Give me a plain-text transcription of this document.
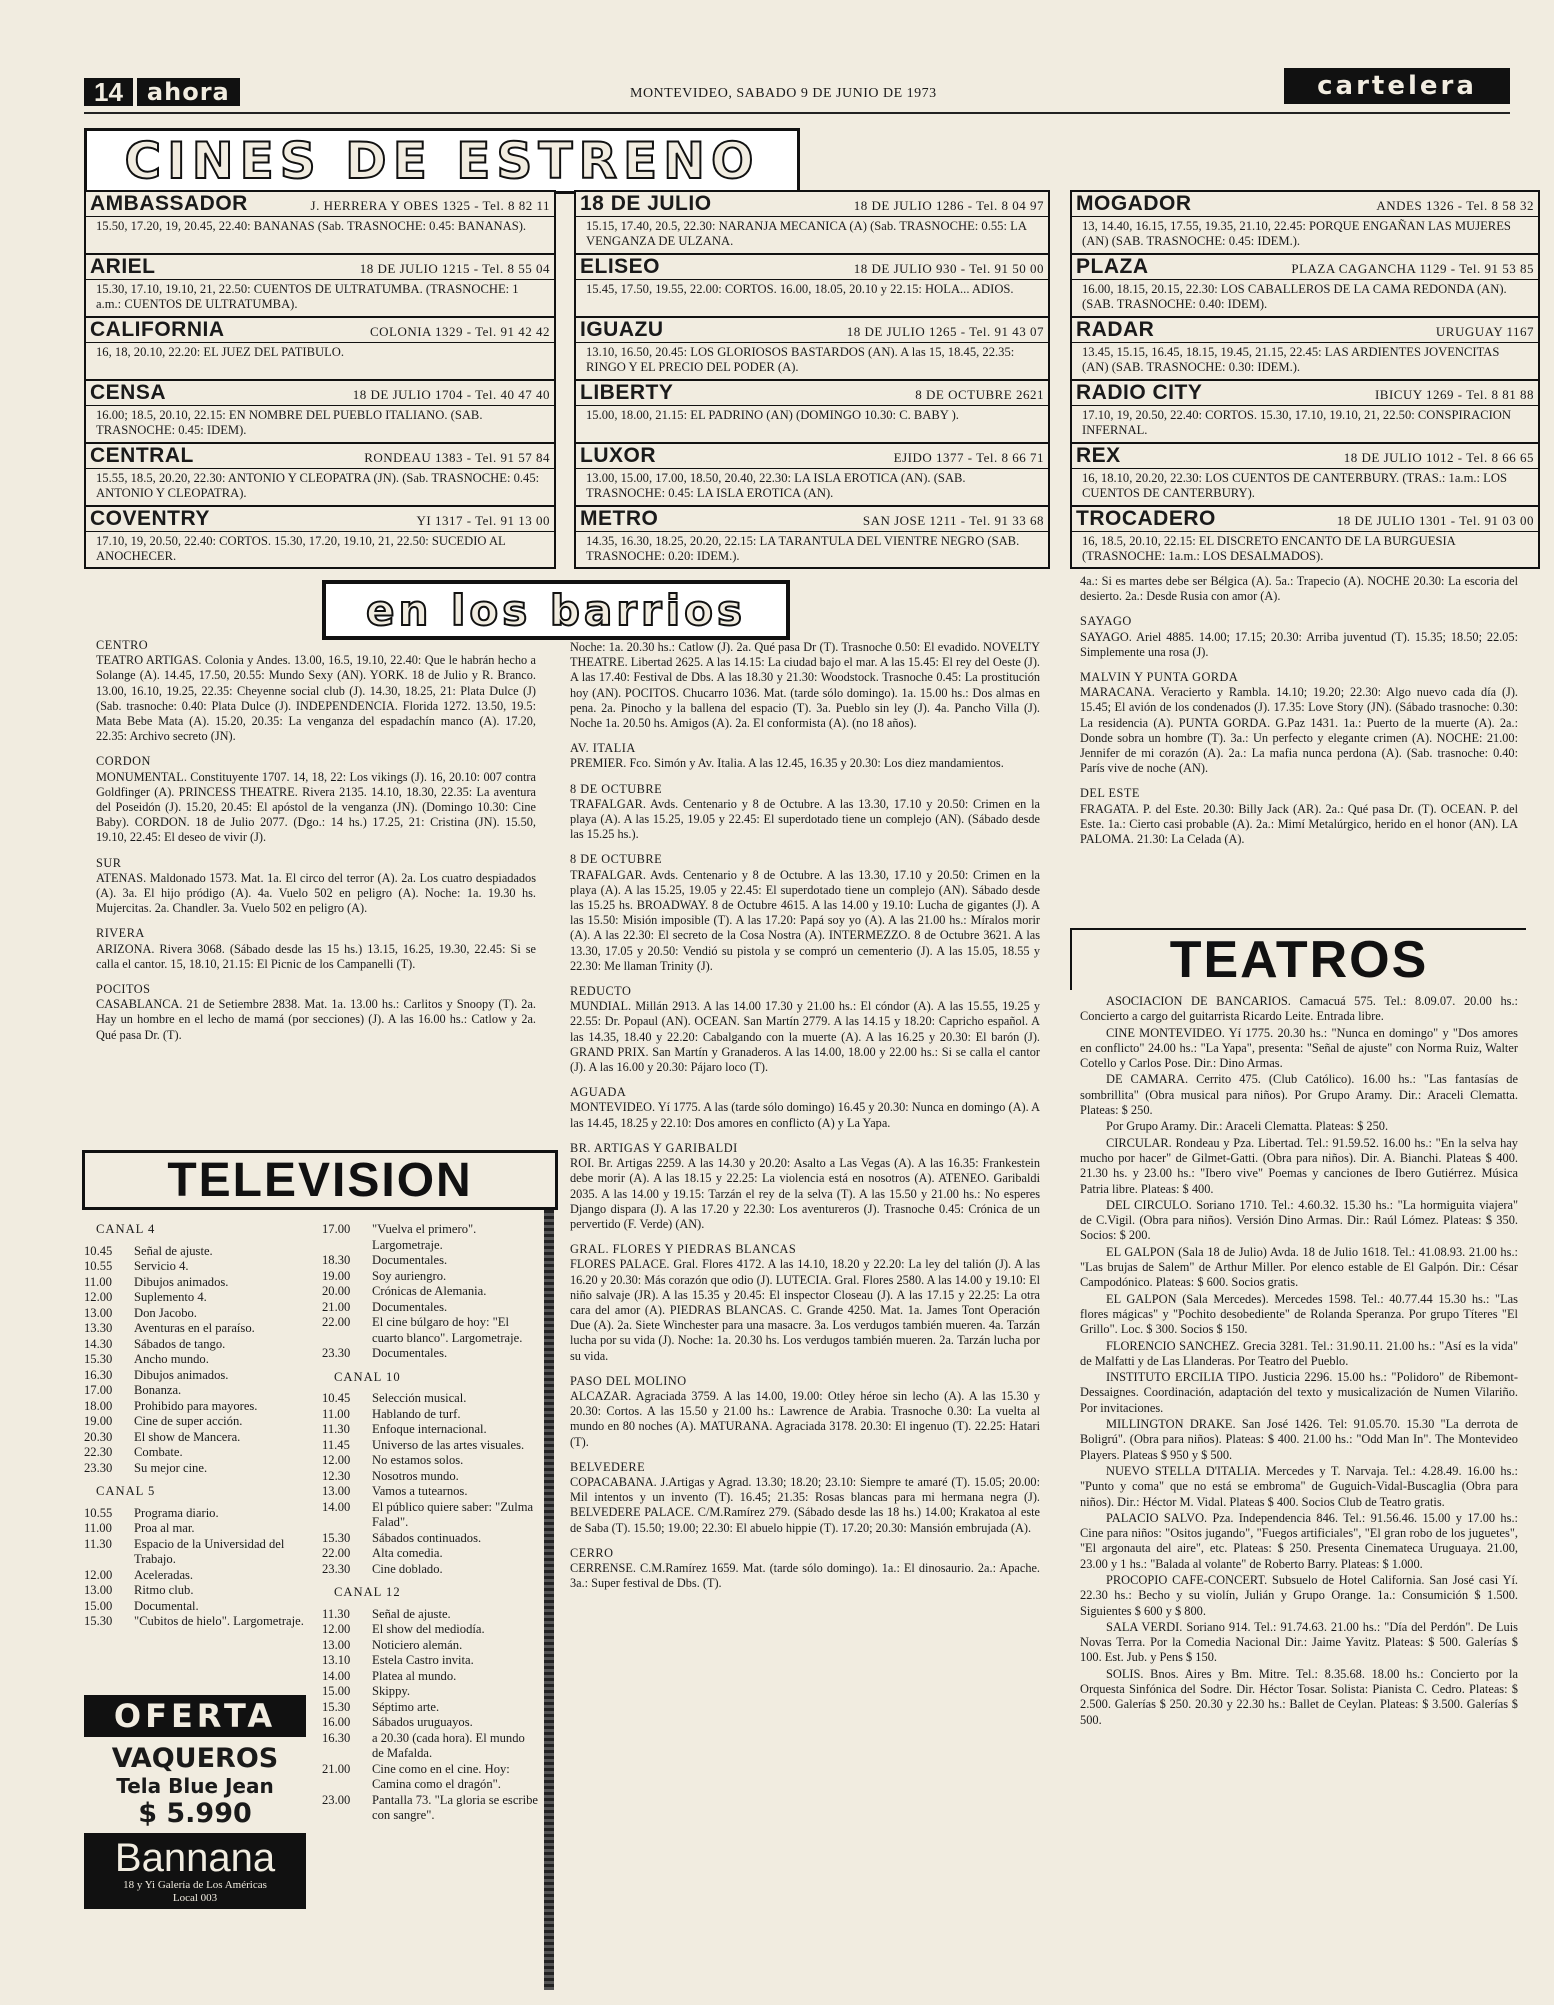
14	ahora	MONTEVIDEO, SABADO 9 DE JUNIO DE 1973	cartelera
CINES DE ESTRENO
AMBASSADOR	J. HERRERA Y OBES 1325 - Tel. 8 82 11
15.50, 17.20, 19, 20.45, 22.40: BANANAS (Sab. TRASNOCHE: 0.45: BANANAS).
ARIEL	18 DE JULIO 1215 - Tel. 8 55 04
15.30, 17.10, 19.10, 21, 22.50: CUENTOS DE ULTRATUMBA. (TRASNOCHE: 1 a.m.: CUENTOS DE ULTRATUMBA).
CALIFORNIA	COLONIA 1329 - Tel. 91 42 42
16, 18, 20.10, 22.20: EL JUEZ DEL PATIBULO.
CENSA	18 DE JULIO 1704 - Tel. 40 47 40
16.00; 18.5, 20.10, 22.15: EN NOMBRE DEL PUEBLO ITALIANO. (SAB. TRASNOCHE: 0.45: IDEM).
CENTRAL	RONDEAU 1383 - Tel. 91 57 84
15.55, 18.5, 20.20, 22.30: ANTONIO Y CLEOPATRA (JN). (Sab. TRASNOCHE: 0.45: ANTONIO Y CLEOPATRA).
COVENTRY	YI 1317 - Tel. 91 13 00
17.10, 19, 20.50, 22.40: CORTOS. 15.30, 17.20, 19.10, 21, 22.50: SUCEDIO AL ANOCHECER.
18 DE JULIO	18 DE JULIO 1286 - Tel. 8 04 97
15.15, 17.40, 20.5, 22.30: NARANJA MECANICA (A) (Sab. TRASNOCHE: 0.55: LA VENGANZA DE ULZANA.
ELISEO	18 DE JULIO 930 - Tel. 91 50 00
15.45, 17.50, 19.55, 22.00: CORTOS. 16.00, 18.05, 20.10 y 22.15: HOLA... ADIOS.
IGUAZU	18 DE JULIO 1265 - Tel. 91 43 07
13.10, 16.50, 20.45: LOS GLORIOSOS BASTARDOS (AN). A las 15, 18.45, 22.35: RINGO Y EL PRECIO DEL PODER (A).
LIBERTY	8 DE OCTUBRE 2621
15.00, 18.00, 21.15: EL PADRINO (AN) (DOMINGO 10.30: C. BABY ).
LUXOR	EJIDO 1377 - Tel. 8 66 71
13.00, 15.00, 17.00, 18.50, 20.40, 22.30: LA ISLA EROTICA (AN). (SAB. TRASNOCHE: 0.45: LA ISLA EROTICA (AN).
METRO	SAN JOSE 1211 - Tel. 91 33 68
14.35, 16.30, 18.25, 20.20, 22.15: LA TARANTULA DEL VIENTRE NEGRO (SAB. TRASNOCHE: 0.20: IDEM.).
MOGADOR	ANDES 1326 - Tel. 8 58 32
13, 14.40, 16.15, 17.55, 19.35, 21.10, 22.45: PORQUE ENGAÑAN LAS MUJERES (AN) (SAB. TRASNOCHE: 0.45: IDEM.).
PLAZA	PLAZA CAGANCHA 1129 - Tel. 91 53 85
16.00, 18.15, 20.15, 22.30: LOS CABALLEROS DE LA CAMA REDONDA (AN). (SAB. TRASNOCHE: 0.40: IDEM).
RADAR	URUGUAY 1167
13.45, 15.15, 16.45, 18.15, 19.45, 21.15, 22.45: LAS ARDIENTES JOVENCITAS (AN) (SAB. TRASNOCHE: 0.30: IDEM.).
RADIO CITY	IBICUY 1269 - Tel. 8 81 88
17.10, 19, 20.50, 22.40: CORTOS. 15.30, 17.10, 19.10, 21, 22.50: CONSPIRACION INFERNAL.
REX	18 DE JULIO 1012 - Tel. 8 66 65
16, 18.10, 20.20, 22.30: LOS CUENTOS DE CANTERBURY. (TRAS.: 1a.m.: LOS CUENTOS DE CANTERBURY).
TROCADERO	18 DE JULIO 1301 - Tel. 91 03 00
16, 18.5, 20.10, 22.15: EL DISCRETO ENCANTO DE LA BURGUESIA (TRASNOCHE: 1a.m.: LOS DESALMADOS).
en los barrios
CENTRO
TEATRO ARTIGAS. Colonia y Andes. 13.00, 16.5, 19.10, 22.40: Que le habrán hecho a Solange (A). 14.45, 17.50, 20.55: Mundo Sexy (AN). YORK. 18 de Julio y R. Branco. 13.00, 16.10, 19.25, 22.35: Cheyenne social club (J). 14.30, 18.25, 21: Plata Dulce (J) (Sab. trasnoche: 0.40: Plata Dulce (J). INDEPENDENCIA. Florida 1272. 13.50, 19.5: Mata Bebe Mata (A). 15.20, 20.35: La venganza del espadachín manco (A). 17.20, 22.35: Archivo secreto (JN).
CORDON
MONUMENTAL. Constituyente 1707. 14, 18, 22: Los vikings (J). 16, 20.10: 007 contra Goldfinger (A). PRINCESS THEATRE. Rivera 2135. 14.10, 18.30, 22.35: La aventura del Poseidón (J). 15.20, 20.45: El apóstol de la venganza (JN). (Domingo 10.30: Cine Baby). CORDON. 18 de Julio 2077. (Dgo.: 14 hs.) 17.25, 21: Cristina (JN). 15.50, 19.10, 22.45: El deseo de vivir (J).
SUR
ATENAS. Maldonado 1573. Mat. 1a. El circo del terror (A). 2a. Los cuatro despiadados (A). 3a. El hijo pródigo (A). 4a. Vuelo 502 en peligro (A). Noche: 1a. 19.30 hs. Mujercitas. 2a. Chandler. 3a. Vuelo 502 en peligro (A).
RIVERA
ARIZONA. Rivera 3068. (Sábado desde las 15 hs.) 13.15, 16.25, 19.30, 22.45: Si se calla el cantor. 15, 18.10, 21.15: El Picnic de los Campanelli (T).
POCITOS
CASABLANCA. 21 de Setiembre 2838. Mat. 1a. 13.00 hs.: Carlitos y Snoopy (T). 2a. Hay un hombre en el lecho de mamá (por secciones) (J). A las 16.00 hs.: Catlow y 2a. Qué pasa Dr. (T).
Noche: 1a. 20.30 hs.: Catlow (J). 2a. Qué pasa Dr (T). Trasnoche 0.50: El evadido. NOVELTY THEATRE. Libertad 2625. A las 14.15: La ciudad bajo el mar. A las 15.45: El rey del Oeste (J). A las 17.40: Festival de Dbs. A las 18.30 y 21.30: Woodstock. Trasnoche 0.45: La prostitución hoy (AN). POCITOS. Chucarro 1036. Mat. (tarde sólo domingo). 1a. 15.00 hs.: Dos almas en pena. 2a. Pinocho y la ballena del espacio (T). 3a. Pueblo sin ley (J). 4a. Pancho Villa (J). Noche 1a. 20.50 hs. Amigos (A). 2a. El conformista (A). (no 18 años).
AV. ITALIA
PREMIER. Fco. Simón y Av. Italia. A las 12.45, 16.35 y 20.30: Los diez mandamientos.
8 DE OCTUBRE
TRAFALGAR. Avds. Centenario y 8 de Octubre. A las 13.30, 17.10 y 20.50: Crimen en la playa (A). A las 15.25, 19.05 y 22.45: El superdotado tiene un complejo (AN). (Sábado desde las 15.25 hs.).
8 DE OCTUBRE
TRAFALGAR. Avds. Centenario y 8 de Octubre. A las 13.30, 17.10 y 20.50: Crimen en la playa (A). A las 15.25, 19.05 y 22.45: El superdotado tiene un complejo (AN). Sábado desde las 15.25 hs. BROADWAY. 8 de Octubre 4615. A las 14.00 y 19.10: Lucha de gigantes (J). A las 15.50: Misión imposible (T). A las 17.20: Papá soy yo (A). A las 21.00 hs.: Míralos morir (A). A las 22.30: El secreto de la Cosa Nostra (A). INTERMEZZO. 8 de Octubre 3621. A las 13.30, 17.05 y 20.50: Vendió su pistola y se compró un cementerio (J). A las 15.05, 18.55 y 22.30: Me llaman Trinity (J).
REDUCTO
MUNDIAL. Millán 2913. A las 14.00 17.30 y 21.00 hs.: El cóndor (A). A las 15.55, 19.25 y 22.55: Dr. Popaul (AN). OCEAN. San Martín 2779. A las 14.15 y 18.20: Capricho español. A las 14.35, 18.40 y 22.20: Cabalgando con la muerte (A). A las 16.25 y 20.30: El barón (J). GRAND PRIX. San Martín y Granaderos. A las 14.00, 18.00 y 22.00 hs.: Si se calla el cantor (J). A las 16.00 y 20.30: Pájaro loco (T).
AGUADA
MONTEVIDEO. Yí 1775. A las (tarde sólo domingo) 16.45 y 20.30: Nunca en domingo (A). A las 14.45, 18.25 y 22.10: Dos amores en conflicto (A) y La Yapa.
BR. ARTIGAS Y GARIBALDI
ROI. Br. Artigas 2259. A las 14.30 y 20.20: Asalto a Las Vegas (A). A las 16.35: Frankestein debe morir (A). A las 18.15 y 22.25: La violencia está en nosotros (A). ATENEO. Garibaldi 2035. A las 14.00 y 19.15: Tarzán el rey de la selva (T). A las 15.50 y 21.00 hs.: No esperes Django dispara (J). A las 17.20 y 22.30: Los aventureros (J). Trasnoche 0.45: Crónica de un pervertido (F. Verde) (AN).
GRAL. FLORES Y PIEDRAS BLANCAS
FLORES PALACE. Gral. Flores 4172. A las 14.10, 18.20 y 22.20: La ley del talión (J). A las 16.20 y 20.30: Más corazón que odio (J). LUTECIA. Gral. Flores 2580. A las 14.00 y 19.10: El niño salvaje (JR). A las 15.35 y 20.45: El inspector Closeau (J). A las 17.15 y 22.25: La otra cara del amor (A). PIEDRAS BLANCAS. C. Grande 4250. Mat. 1a. James Tont Operación Due (A). 2a. Siete Winchester para una masacre. 3a. Los verdugos también mueren. 4a. Tarzán lucha por su vida (J). Noche: 1a. 20.30 hs. Los verdugos también mueren. 2a. Tarzán lucha por su vida.
PASO DEL MOLINO
ALCAZAR. Agraciada 3759. A las 14.00, 19.00: Otley héroe sin lecho (A). A las 15.30 y 20.30: Cortos. A las 15.50 y 21.00 hs.: Lawrence de Arabia. Trasnoche 0.30: La vuelta al mundo en 80 noches (A). MATURANA. Agraciada 3178. 20.30: El ingenuo (T). 22.25: Hatari (T).
BELVEDERE
COPACABANA. J.Artigas y Agrad. 13.30; 18.20; 23.10: Siempre te amaré (T). 15.05; 20.00: Mil intentos y un invento (T). 16.45; 21.35: Rosas blancas para mi hermana negra (J). BELVEDERE PALACE. C/M.Ramírez 279. (Sábado desde las 18 hs.) 14.00; Krakatoa al este de Saba (T). 15.50; 19.00; 22.30: El abuelo hippie (T). 17.20; 20.30: Mansión embrujada (A).
CERRO
CERRENSE. C.M.Ramírez 1659. Mat. (tarde sólo domingo). 1a.: El dinosaurio. 2a.: Apache. 3a.: Super festival de Dbs. (T).
4a.: Si es martes debe ser Bélgica (A). 5a.: Trapecio (A). NOCHE 20.30: La escoria del desierto. 2a.: Desde Rusia con amor (A).
SAYAGO
SAYAGO. Ariel 4885. 14.00; 17.15; 20.30: Arriba juventud (T). 15.35; 18.50; 22.05: Simplemente una rosa (J).
MALVIN Y PUNTA GORDA
MARACANA. Veracierto y Rambla. 14.10; 19.20; 22.30: Algo nuevo cada día (J). 15.45; El avión de los condenados (J). 17.35: Love Story (JN). (Sábado trasnoche: 0.30: La residencia (A). PUNTA GORDA. G.Paz 1431. 1a.: Puerto de la muerte (A). 2a.: Donde sobra un hombre (T). 3a.: Un perfecto y elegante crimen (A). NOCHE: 21.00: Jennifer de mi corazón (A). 2a.: La mafia nunca perdona (A). (Sab. trasnoche: 0.40: París vive de noche (AN).
DEL ESTE
FRAGATA. P. del Este. 20.30: Billy Jack (AR). 2a.: Qué pasa Dr. (T). OCEAN. P. del Este. 1a.: Cierto casi probable (A). 2a.: Mimí Metalúrgico, herido en el honor (AN). LA PALOMA. 21.30: La Celada (A).
TEATROS

ASOCIACION DE BANCARIOS. Camacuá 575. Tel.: 8.09.07. 20.00 hs.: Concierto a cargo del guitarrista Ricardo Leite. Entrada libre.

CINE MONTEVIDEO. Yí 1775. 20.30 hs.: "Nunca en domingo" y "Dos amores en conflicto" 24.00 hs.: "La Yapa", presenta: "Señal de ajuste" con Norma Ruiz, Walter Cotello y Carlos Pose. Dir.: Dino Armas.

DE CAMARA. Cerrito 475. (Club Católico). 16.00 hs.: "Las fantasías de sombrillita" (Obra musical para niños). Por Grupo Aramy. Dir.: Araceli Clematta. Plateas: $ 250.

Por Grupo Aramy. Dir.: Araceli Clematta. Plateas: $ 250.

CIRCULAR. Rondeau y Pza. Libertad. Tel.: 91.59.52. 16.00 hs.: "En la selva hay mucho por hacer" de Gilmet-Gatti. (Obra para niños). Dir. A. Bianchi. Plateas $ 400. 21.30 hs. y 23.00 hs.: "Ibero vive" Poemas y canciones de Ibero Gutiérrez. Música Patria libre. Plateas: $ 400.

DEL CIRCULO. Soriano 1710. Tel.: 4.60.32. 15.30 hs.: "La hormiguita viajera" de C.Vigil. (Obra para niños). Versión Dino Armas. Dir.: Raúl Lómez. Plateas: $ 350. Socios: $ 200.

EL GALPON (Sala 18 de Julio) Avda. 18 de Julio 1618. Tel.: 41.08.93. 21.00 hs.: "Las brujas de Salem" de Arthur Miller. Por elenco estable de El Galpón. Dir.: César Campodónico. Plateas: $ 600. Socios gratis.

EL GALPON (Sala Mercedes). Mercedes 1598. Tel.: 40.77.44 15.30 hs.: "Las flores mágicas" y "Pochito desobediente" de Rolanda Speranza. Por grupo Títeres "El Grillo". Loc. $ 300. Socios $ 150.

FLORENCIO SANCHEZ. Grecia 3281. Tel.: 31.90.11. 21.00 hs.: "Así es la vida" de Malfatti y de Las Llanderas. Por Teatro del Pueblo.

INSTITUTO ERCILIA TIPO. Justicia 2296. 15.00 hs.: "Polidoro" de Ribemont-Dessaignes. Coordinación, adaptación del texto y musicalización de Numen Vilariño. Por invitaciones.

MILLINGTON DRAKE. San José 1426. Tel: 91.05.70. 15.30 "La derrota de Boligrú". (Obra para niños). Plateas: $ 400. 21.00 hs.: "Odd Man In". The Montevideo Players. Plateas $ 950 y $ 500.

NUEVO STELLA D'ITALIA. Mercedes y T. Narvaja. Tel.: 4.28.49. 16.00 hs.: "Punto y coma" que no está se embroma" de Guguich-Vidal-Buscaglia (Obra para niños). Dir.: Héctor M. Vidal. Plateas $ 400. Socios Club de Teatro gratis.

PALACIO SALVO. Pza. Independencia 846. Tel.: 91.56.46. 15.00 y 17.00 hs.: Cine para niños: "Ositos jugando", "Fuegos artificiales", "El gran robo de los juguetes", "El argonauta del aire", etc. Plateas: $ 250. Presenta Cinemateca Uruguaya. 21.00, 23.00 y 1 hs.: "Balada al volante" de Roberto Barry. Plateas: $ 1.000.

PROCOPIO CAFE-CONCERT. Subsuelo de Hotel California. San José casi Yí. 22.30 hs.: Becho y su violín, Julián y Grupo Orange. 1a.: Consumición $ 1.500. Siguientes $ 600 y $ 800.

SALA VERDI. Soriano 914. Tel.: 91.74.63. 21.00 hs.: "Día del Perdón". De Luis Novas Terra. Por la Comedia Nacional Dir.: Jaime Yavitz. Plateas: $ 500. Galerías $ 100. Est. Jub. y Pens $ 150.

SOLIS. Bnos. Aires y Bm. Mitre. Tel.: 8.35.68. 18.00 hs.: Concierto por la Orquesta Sinfónica del Sodre. Dir. Héctor Tosar. Solista: Pianista C. Cedro. Plateas: $ 2.500. Galerías $ 250. 20.30 y 22.30 hs.: Ballet de Ceylan. Plateas: $ 3.500. Galerías $ 500.

TELEVISION
CANAL 4
10.45	Señal de ajuste.
10.55	Servicio 4.
11.00	Dibujos animados.
12.00	Suplemento 4.
13.00	Don Jacobo.
13.30	Aventuras en el paraíso.
14.30	Sábados de tango.
15.30	Ancho mundo.
16.30	Dibujos animados.
17.00	Bonanza.
18.00	Prohibido para mayores.
19.00	Cine de super acción.
20.30	El show de Mancera.
22.30	Combate.
23.30	Su mejor cine.
CANAL 5
10.55	Programa diario.
11.00	Proa al mar.
11.30	Espacio de la Universidad del Trabajo.
12.00	Aceleradas.
13.00	Ritmo club.
15.00	Documental.
15.30	"Cubitos de hielo". Largometraje.
17.00	"Vuelva el primero". Largometraje.
18.30	Documentales.
19.00	Soy auriengro.
20.00	Crónicas de Alemania.
21.00	Documentales.
22.00	El cine búlgaro de hoy: "El cuarto blanco". Largometraje.
23.30	Documentales.
CANAL 10
10.45	Selección musical.
11.00	Hablando de turf.
11.30	Enfoque internacional.
11.45	Universo de las artes visuales.
12.00	No estamos solos.
12.30	Nosotros mundo.
13.00	Vamos a tutearnos.
14.00	El público quiere saber: "Zulma Falad".
15.30	Sábados continuados.
22.00	Alta comedia.
23.30	Cine doblado.
CANAL 12
11.30	Señal de ajuste.
12.00	El show del mediodía.
13.00	Noticiero alemán.
13.10	Estela Castro invita.
14.00	Platea al mundo.
15.00	Skippy.
15.30	Séptimo arte.
16.00	Sábados uruguayos.
16.30	a 20.30 (cada hora). El mundo de Mafalda.
21.00	Cine como en el cine. Hoy: Camina como el dragón".
23.00	Pantalla 73. "La gloria se escribe con sangre".
OFERTA
VAQUEROS
Tela Blue Jean
$ 5.990
Bannana
18 y Yi Galería de Los Américas
Local 003
